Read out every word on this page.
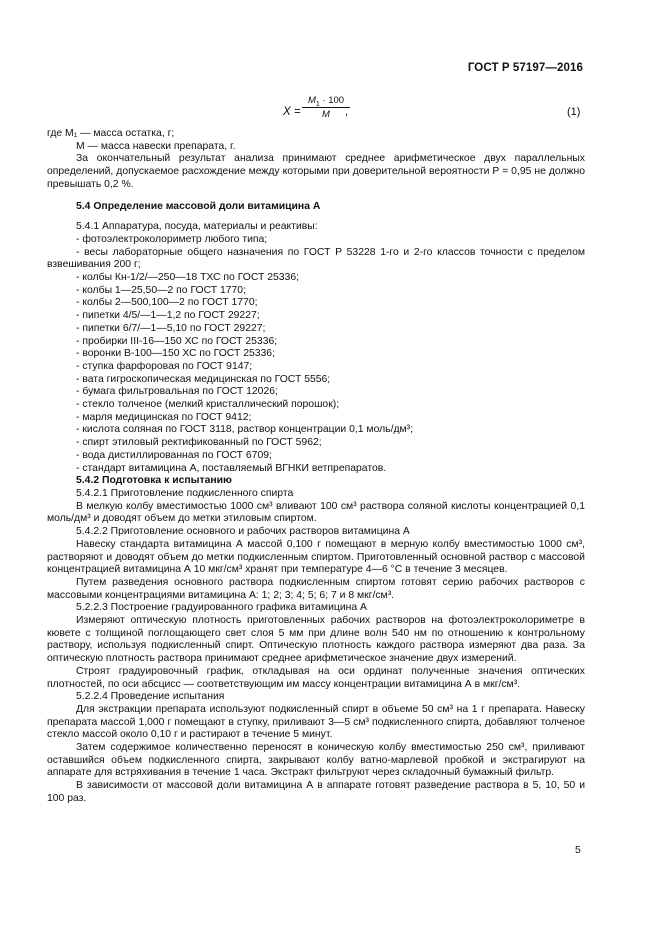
ГОСТ Р 57197—2016
$X = \frac{M_1 \cdot 100}{M}$
,	(1)

где M₁ — масса остатка, г;

M — масса навески препарата, г.

За окончательный результат анализа принимают среднее арифметическое двух параллельных определений, допускаемое расхождение между которыми при доверительной вероятности P = 0,95 не должно превышать 0,2 %.

5.4 Определение массовой доли витамицина А

5.4.1 Аппаратура, посуда, материалы и реактивы:

- фотоэлектроколориметр любого типа;

- весы лабораторные общего назначения по ГОСТ Р 53228 1-го и 2-го классов точности с пределом взвешивания 200 г;

- колбы Кн-1/2/—250—18 ТХС по ГОСТ 25336;

- колбы 1—25,50—2 по ГОСТ 1770;

- колбы 2—500,100—2 по ГОСТ 1770;

- пипетки 4/5/—1—1,2 по ГОСТ 29227;

- пипетки 6/7/—1—5,10 по ГОСТ 29227;

- пробирки III-16—150 ХС по ГОСТ 25336;

- воронки В-100—150 ХС по ГОСТ 25336;

- ступка фарфоровая по ГОСТ 9147;

- вата гигроскопическая медицинская по ГОСТ 5556;

- бумага фильтровальная по ГОСТ 12026;

- стекло толченое (мелкий кристаллический порошок);

- марля медицинская по ГОСТ 9412;

- кислота соляная по ГОСТ 3118, раствор концентрации 0,1 моль/дм³;

- спирт этиловый ректификованный по ГОСТ 5962;

- вода дистиллированная по ГОСТ 6709;

- стандарт витамицина А, поставляемый ВГНКИ ветпрепаратов.

5.4.2 Подготовка к испытанию

5.4.2.1 Приготовление подкисленного спирта

В мелкую колбу вместимостью 1000 см³ вливают 100 см³ раствора соляной кислоты концентрацией 0,1 моль/дм³ и доводят объем до метки этиловым спиртом.

5.4.2.2 Приготовление основного и рабочих растворов витамицина А

Навеску стандарта витамицина А массой 0,100 г помещают в мерную колбу вместимостью 1000 см³, растворяют и доводят объем до метки подкисленным спиртом. Приготовленный основной раствор с массовой концентрацией витамицина А 10 мкг/см³ хранят при температуре 4—6 °С в течение 3 месяцев.

Путем разведения основного раствора подкисленным спиртом готовят серию рабочих растворов с массовыми концентрациями витамицина А: 1; 2; 3; 4; 5; 6; 7 и 8 мкг/см³.

5.2.2.3 Построение градуированного графика витамицина А

Измеряют оптическую плотность приготовленных рабочих растворов на фотоэлектроколориметре в кювете с толщиной поглощающего свет слоя 5 мм при длине волн 540 нм по отношению к контрольному раствору, используя подкисленный спирт. Оптическую плотность каждого раствора измеряют два раза. За оптическую плотность раствора принимают среднее арифметическое значение двух измерений.

Строят градуировочный график, откладывая на оси ординат полученные значения оптических плотностей, по оси абсцисс — соответствующим им массу концентрации витамицина А в мкг/см³.

5.2.2.4 Проведение испытания

Для экстракции препарата используют подкисленный спирт в объеме 50 см³ на 1 г препарата. Навеску препарата массой 1,000 г помещают в ступку, приливают 3—5 см³ подкисленного спирта, добавляют толченое стекло массой около 0,10 г и растирают в течение 5 минут.

Затем содержимое количественно переносят в коническую колбу вместимостью 250 см³, приливают оставшийся объем подкисленного спирта, закрывают колбу ватно-марлевой пробкой и экстрагируют на аппарате для встряхивания в течение 1 часа. Экстракт фильтруют через складочный бумажный фильтр.

В зависимости от массовой доли витамицина А в аппарате готовят разведение раствора в 5, 10, 50 и 100 раз.

5
